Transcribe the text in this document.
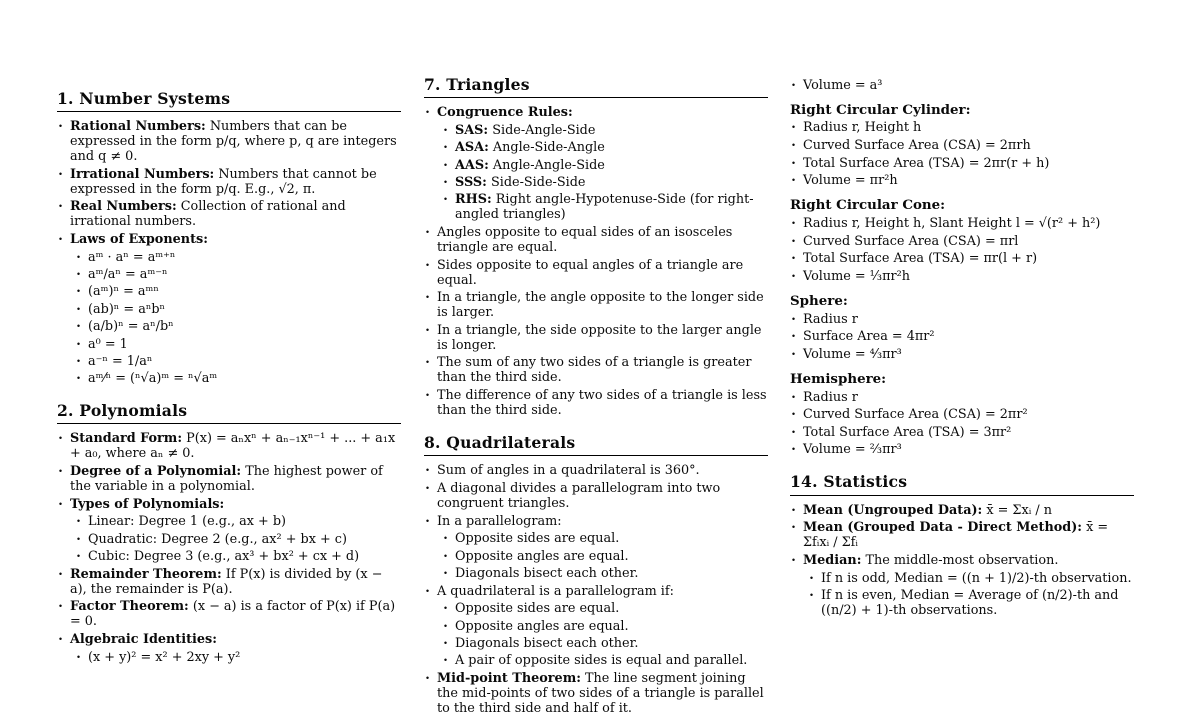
1. Number Systems
• Rational Numbers: Numbers that can be expressed in the form p/q, where p, q are integers and q ≠ 0.
• Irrational Numbers: Numbers that cannot be expressed in the form p/q. E.g., √2, π.
• Real Numbers: Collection of rational and irrational numbers.
• Laws of Exponents:
• aᵐ · aⁿ = aᵐ⁺ⁿ
• aᵐ/aⁿ = aᵐ⁻ⁿ
• (aᵐ)ⁿ = aᵐⁿ
• (ab)ⁿ = aⁿbⁿ
• (a/b)ⁿ = aⁿ/bⁿ
• a⁰ = 1
• a⁻ⁿ = 1/aⁿ
• aᵐ⁄ⁿ = (ⁿ√a)ᵐ = ⁿ√aᵐ
2. Polynomials
• Standard Form: P(x) = aₙxⁿ + aₙ₋₁xⁿ⁻¹ + ... + a₁x + a₀, where aₙ ≠ 0.
• Degree of a Polynomial: The highest power of the variable in a polynomial.
• Types of Polynomials:
• Linear: Degree 1 (e.g., ax + b)
• Quadratic: Degree 2 (e.g., ax² + bx + c)
• Cubic: Degree 3 (e.g., ax³ + bx² + cx + d)
• Remainder Theorem: If P(x) is divided by (x − a), the remainder is P(a).
• Factor Theorem: (x − a) is a factor of P(x) if P(a) = 0.
• Algebraic Identities:
• (x + y)² = x² + 2xy + y²
7. Triangles
• Congruence Rules:
• SAS: Side-Angle-Side
• ASA: Angle-Side-Angle
• AAS: Angle-Angle-Side
• SSS: Side-Side-Side
• RHS: Right angle-Hypotenuse-Side (for right-angled triangles)
• Angles opposite to equal sides of an isosceles triangle are equal.
• Sides opposite to equal angles of a triangle are equal.
• In a triangle, the angle opposite to the longer side is larger.
• In a triangle, the side opposite to the larger angle is longer.
• The sum of any two sides of a triangle is greater than the third side.
• The difference of any two sides of a triangle is less than the third side.
8. Quadrilaterals
• Sum of angles in a quadrilateral is 360°.
• A diagonal divides a parallelogram into two congruent triangles.
• In a parallelogram:
• Opposite sides are equal.
• Opposite angles are equal.
• Diagonals bisect each other.
• A quadrilateral is a parallelogram if:
• Opposite sides are equal.
• Opposite angles are equal.
• Diagonals bisect each other.
• A pair of opposite sides is equal and parallel.
• Mid-point Theorem: The line segment joining the mid-points of two sides of a triangle is parallel to the third side and half of it.
• Volume = a³
Right Circular Cylinder:
• Radius r, Height h
• Curved Surface Area (CSA) = 2πrh
• Total Surface Area (TSA) = 2πr(r + h)
• Volume = πr²h
Right Circular Cone:
• Radius r, Height h, Slant Height l = √(r² + h²)
• Curved Surface Area (CSA) = πrl
• Total Surface Area (TSA) = πr(l + r)
• Volume = ⅓πr²h
Sphere:
• Radius r
• Surface Area = 4πr²
• Volume = ⁴⁄₃πr³
Hemisphere:
• Radius r
• Curved Surface Area (CSA) = 2πr²
• Total Surface Area (TSA) = 3πr²
• Volume = ⅔πr³
14. Statistics
• Mean (Ungrouped Data): x̄ = Σxᵢ / n
• Mean (Grouped Data - Direct Method): x̄ = Σfᵢxᵢ / Σfᵢ
• Median: The middle-most observation.
• If n is odd, Median = ((n + 1)/2)-th observation.
• If n is even, Median = Average of (n/2)-th and ((n/2) + 1)-th observations.
